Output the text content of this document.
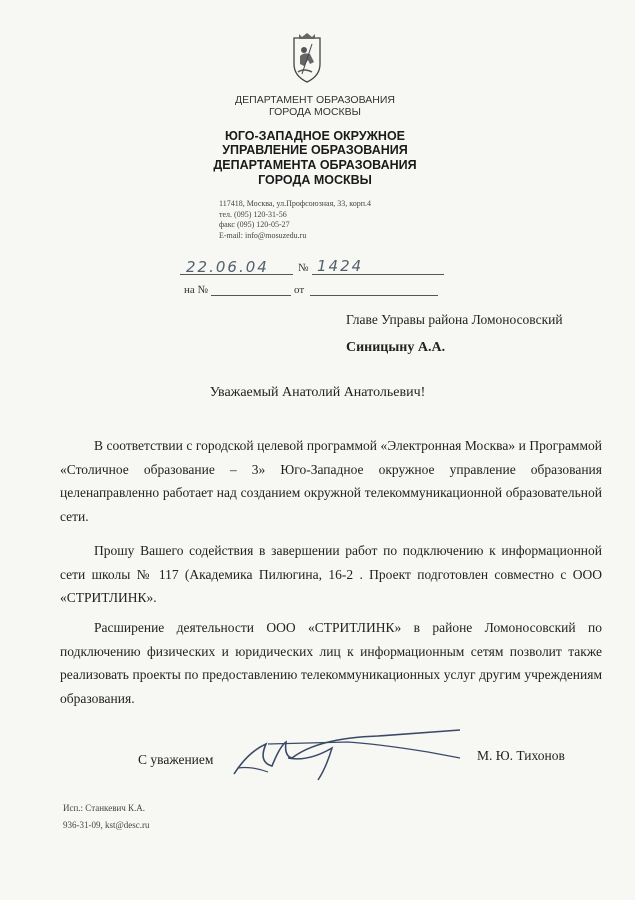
ДЕПАРТАМЕНТ ОБРАЗОВАНИЯ
ГОРОДА МОСКВЫ
ЮГО-ЗАПАДНОЕ ОКРУЖНОЕ
УПРАВЛЕНИЕ ОБРАЗОВАНИЯ
ДЕПАРТАМЕНТА ОБРАЗОВАНИЯ
ГОРОДА МОСКВЫ
117418, Москва, ул.Профсоюзная, 33, корп.4
тел. (095) 120-31-56
факс (095) 120-05-27
E-mail: info@mosuzedu.ru
22.06.04	№ 1424
на №	от
Главе Управы района Ломоносовский
Синицыну А.А.
Уважаемый Анатолий Анатольевич!
В соответствии с городской целевой программой «Электронная Москва» и Программой «Столичное образование – 3» Юго-Западное окружное управление образования целенаправленно работает над созданием окружной телекоммуникационной образовательной сети.
Прошу Вашего содействия в завершении работ по подключению к информационной сети школы № 117 (Академика Пилюгина, 16-2 . Проект подготовлен совместно с ООО «СТРИТЛИНК».
Расширение деятельности ООО «СТРИТЛИНК» в районе Ломоносовский по подключению физических и юридических лиц к информационным сетям позволит также реализовать проекты по предоставлению телекоммуникационных услуг другим учреждениям образования.
С уважением	М. Ю. Тихонов
Исп.: Станкевич К.А.
936-31-09, kst@desc.ru
